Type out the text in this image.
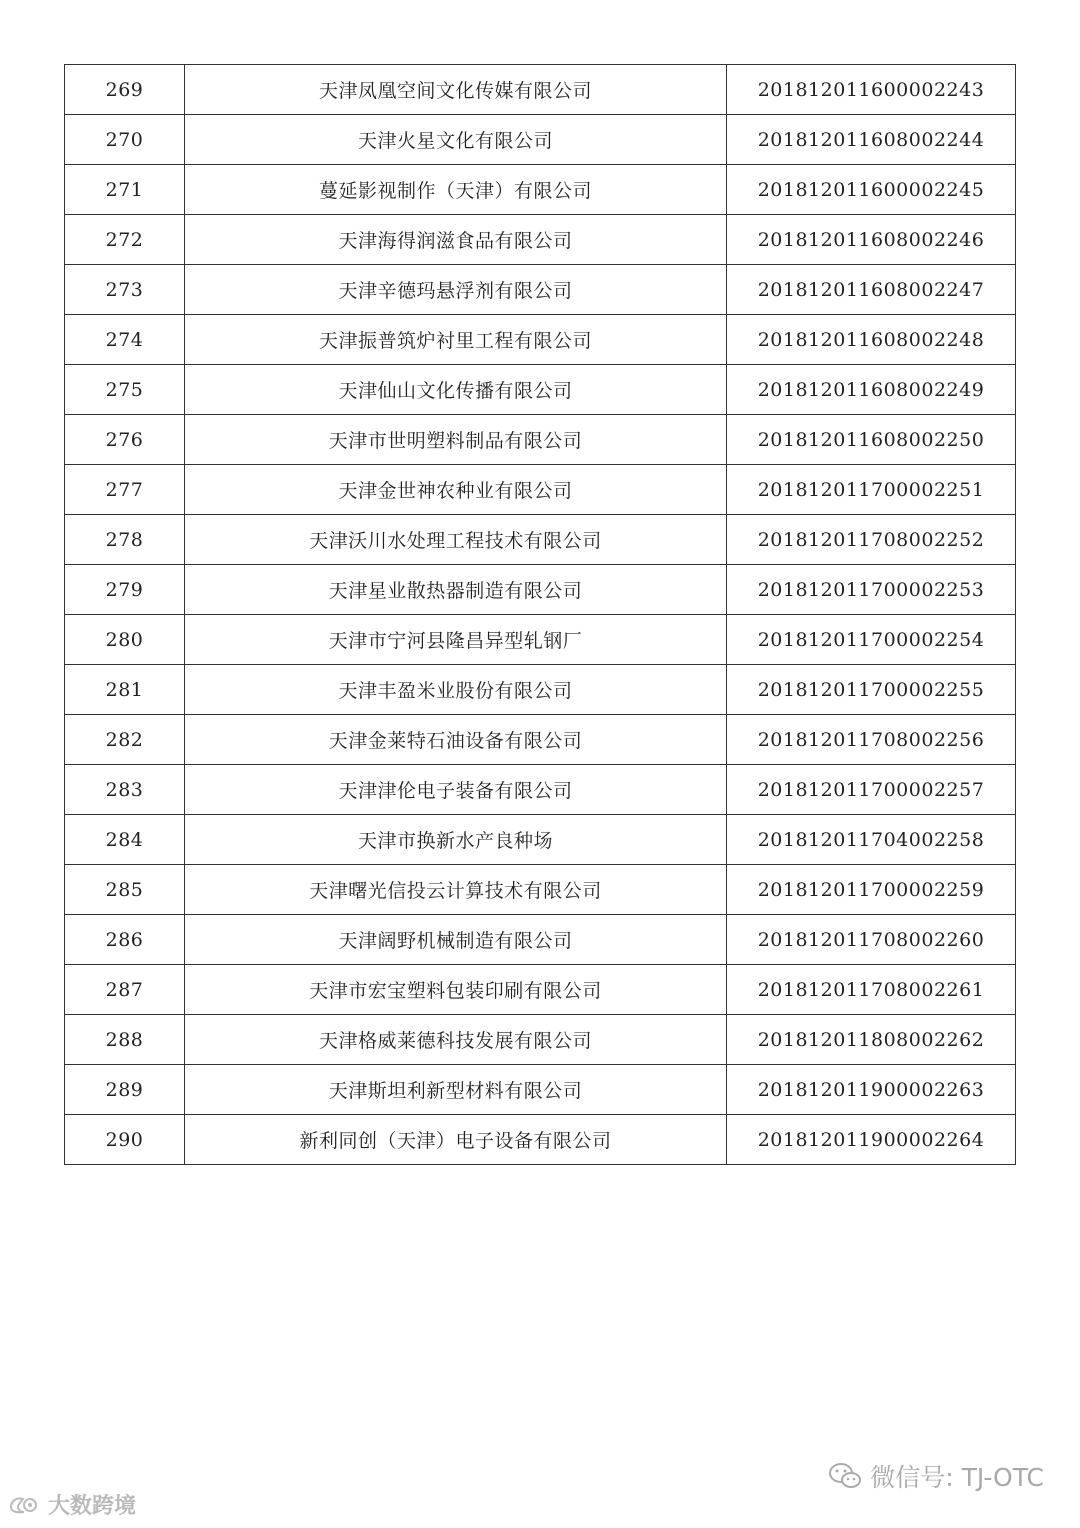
269	天津凤凰空间文化传媒有限公司	201812011600002243
270	天津火星文化有限公司	201812011608002244
271	蔓延影视制作（天津）有限公司	201812011600002245
272	天津海得润滋食品有限公司	201812011608002246
273	天津辛德玛悬浮剂有限公司	201812011608002247
274	天津振普筑炉衬里工程有限公司	201812011608002248
275	天津仙山文化传播有限公司	201812011608002249
276	天津市世明塑料制品有限公司	201812011608002250
277	天津金世神农种业有限公司	201812011700002251
278	天津沃川水处理工程技术有限公司	201812011708002252
279	天津星业散热器制造有限公司	201812011700002253
280	天津市宁河县隆昌异型轧钢厂	201812011700002254
281	天津丰盈米业股份有限公司	201812011700002255
282	天津金莱特石油设备有限公司	201812011708002256
283	天津津伦电子装备有限公司	201812011700002257
284	天津市换新水产良种场	201812011704002258
285	天津曙光信投云计算技术有限公司	201812011700002259
286	天津阔野机械制造有限公司	201812011708002260
287	天津市宏宝塑料包装印刷有限公司	201812011708002261
288	天津格威莱德科技发展有限公司	201812011808002262
289	天津斯坦利新型材料有限公司	201812011900002263
290	新利同创（天津）电子设备有限公司	201812011900002264
大数跨境
微信号: TJ-OTC
